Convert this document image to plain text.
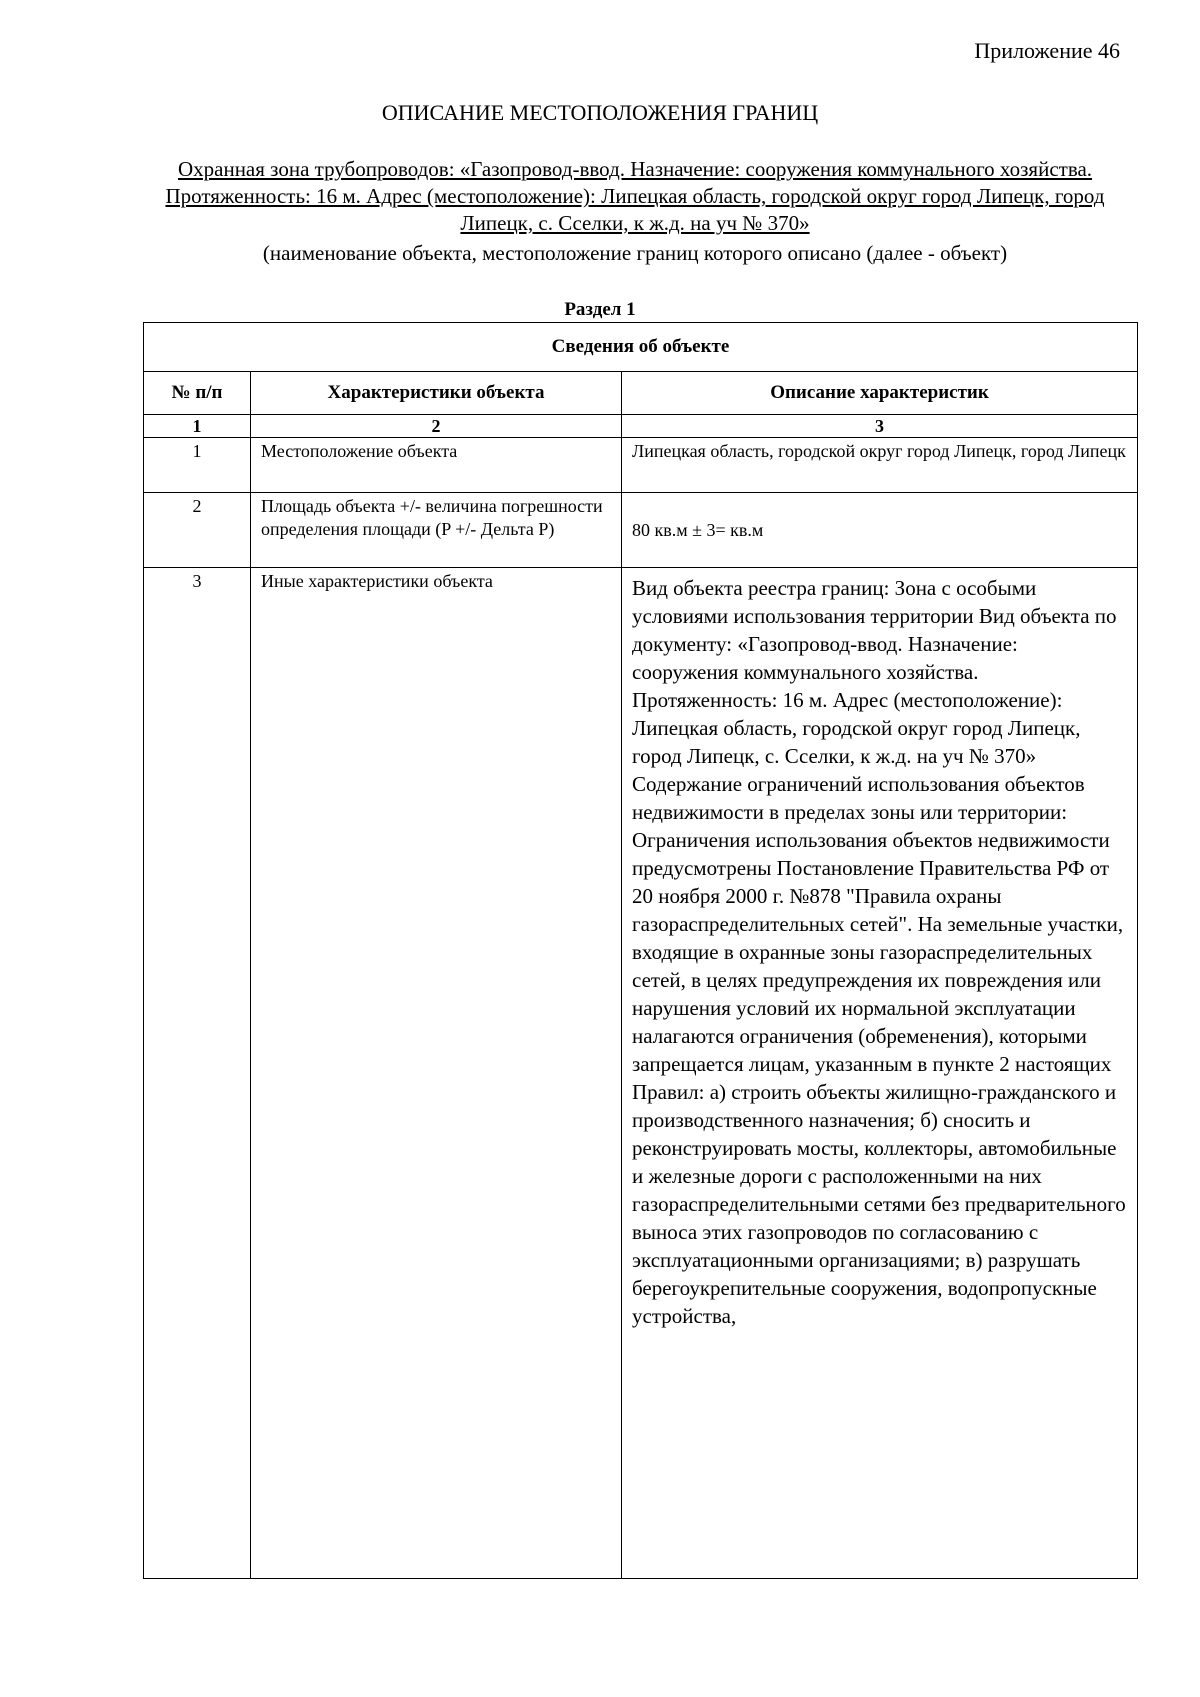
Приложение 46
ОПИСАНИЕ МЕСТОПОЛОЖЕНИЯ ГРАНИЦ
Охранная зона трубопроводов: «Газопровод-ввод. Назначение: сооружения коммунального хозяйства. Протяженность: 16 м. Адрес (местоположение): Липецкая область, городской округ город Липецк, город Липецк, с. Сселки, к ж.д. на уч № 370»
(наименование объекта, местоположение границ которого описано (далее - объект)
Раздел 1
Сведения об объекте		
№ п/п	Характеристики объекта	Описание характеристик
1	2	3
1	Местоположение объекта	Липецкая область, городской округ город Липецк, город Липецк
2	Площадь объекта +/- величина погрешности определения площади (P +/- Дельта P)	80 кв.м ± 3= кв.м
3	Иные характеристики объекта	Вид объекта реестра границ: Зона с особыми условиями использования территории Вид объекта по документу: «Газопровод-ввод. Назначение: сооружения коммунального хозяйства. Протяженность: 16 м. Адрес (местоположение): Липецкая область, городской округ город Липецк, город Липецк, с. Сселки, к ж.д. на уч № 370» Содержание ограничений использования объектов недвижимости в пределах зоны или территории: Ограничения использования объектов недвижимости предусмотрены Постановление Правительства РФ от 20 ноября 2000 г. №878 "Правила охраны газораспределительных сетей". На земельные участки, входящие в охранные зоны газораспределительных сетей, в целях предупреждения их повреждения или нарушения условий их нормальной эксплуатации налагаются ограничения (обременения), которыми запрещается лицам, указанным в пункте 2 настоящих Правил: а) строить объекты жилищно-гражданского и производственного назначения; б) сносить и реконструировать мосты, коллекторы, автомобильные и железные дороги с расположенными на них газораспределительными сетями без предварительного выноса этих газопроводов по согласованию с эксплуатационными организациями; в) разрушать берегоукрепительные сооружения, водопропускные устройства,
